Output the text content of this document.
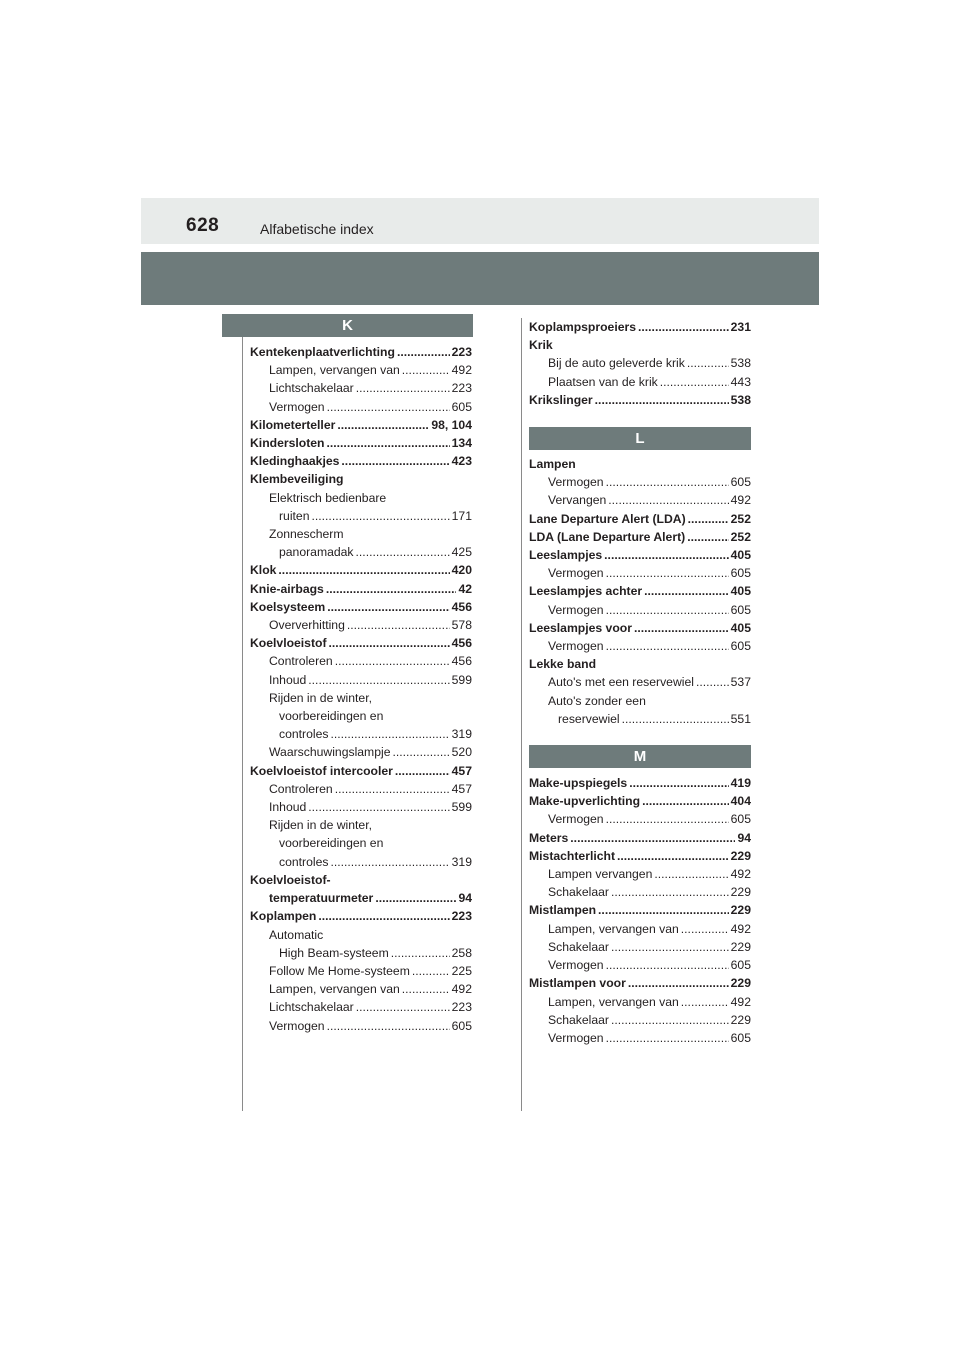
628	Alfabetische index
K
Kentekenplaatverlichting .....	223
Lampen, vervangen van .....	492
Lichtschakelaar .....	223
Vermogen .....	605
Kilometerteller .....	98, 104
Kindersloten .....	134
Kledinghaakjes .....	423
Klembeveiliging
Elektrisch bedienbare
ruiten .....	171
Zonnescherm
panoramadak .....	425
Klok .....	420
Knie-airbags .....	42
Koelsysteem .....	456
Oververhitting .....	578
Koelvloeistof .....	456
Controleren .....	456
Inhoud .....	599
Rijden in de winter,
voorbereidingen en
controles .....	319
Waarschuwingslampje .....	520
Koelvloeistof intercooler .....	457
Controleren .....	457
Inhoud .....	599
Rijden in de winter,
voorbereidingen en
controles .....	319
Koelvloeistof-
temperatuurmeter .....	94
Koplampen .....	223
Automatic
High Beam-systeem .....	258
Follow Me Home-systeem .....	225
Lampen, vervangen van .....	492
Lichtschakelaar .....	223
Vermogen .....	605
Koplampsproeiers .....	231
Krik
Bij de auto geleverde krik .....	538
Plaatsen van de krik .....	443
Krikslinger .....	538
L
Lampen
Vermogen .....	605
Vervangen .....	492
Lane Departure Alert (LDA) .....	252
LDA (Lane Departure Alert) .....	252
Leeslampjes .....	405
Vermogen .....	605
Leeslampjes achter .....	405
Vermogen .....	605
Leeslampjes voor .....	405
Vermogen .....	605
Lekke band
Auto's met een reservewiel .....	537
Auto's zonder een
reservewiel .....	551
M
Make-upspiegels .....	419
Make-upverlichting .....	404
Vermogen .....	605
Meters .....	94
Mistachterlicht .....	229
Lampen vervangen .....	492
Schakelaar .....	229
Mistlampen .....	229
Lampen, vervangen van .....	492
Schakelaar .....	229
Vermogen .....	605
Mistlampen voor .....	229
Lampen, vervangen van .....	492
Schakelaar .....	229
Vermogen .....	605
